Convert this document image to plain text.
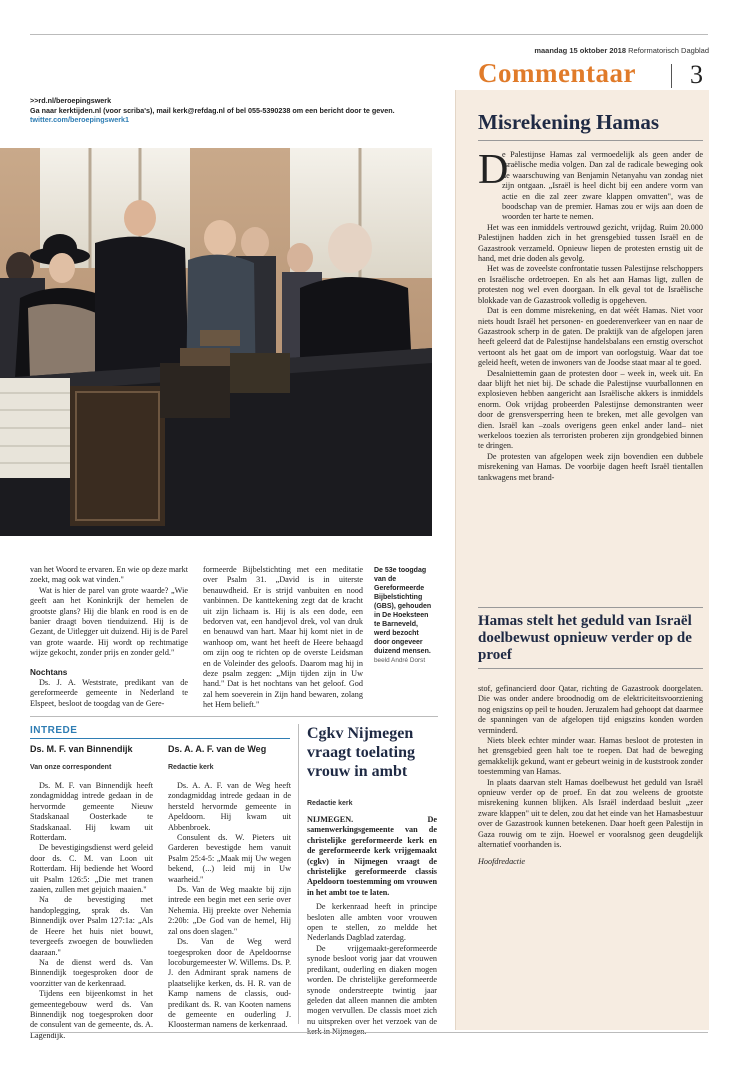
maandag 15 oktober 2018 Reformatorisch Dagblad
Commentaar 3
>>rd.nl/beroepingswerk
Ga naar kerktijden.nl (voor scriba's), mail kerk@refdag.nl of bel 055-5390238 om een bericht door te geven.
twitter.com/beroepingswerk1

van het Woord te ervaren. En wie op deze markt zoekt, mag ook wat vinden."

Wat is hier de parel van grote waarde? „Wie geeft aan het Koninkrijk der hemelen de grootste glans? Hij die blank en rood is en de banier draagt boven tienduizend. Hij is de Gezant, de Uitlegger uit duizend. Hij is de Parel van grote waarde. Hij wordt op rechtmatige wijze gekocht, zonder prijs en zonder geld."

Nochtans

Ds. J. A. Weststrate, predikant van de gereformeerde gemeente in Nederland te Elspeet, besloot de toogdag van de Gere-

formeerde Bijbelstichting met een meditatie over Psalm 31. „David is in uiterste benauwdheid. Er is strijd vanbuiten en nood vanbinnen. De kanttekening zegt dat de kracht uit zijn lichaam is. Hij is als een dode, een bedorven vat, een handjevol drek, vol van druk en benauwd van hart. Maar hij komt niet in de wanhoop om, want het heeft de Heere behaagd om zijn oog te richten op de overste Leidsman en de Voleinder des geloofs. Daarom mag hij in deze psalm zeggen: „Mijn tijden zijn in Uw hand." Dat is het nochtans van het geloof. God zal hem soeverein in Zijn hand bewaren, zolang het Hem belieft."

De 53e toogdag van de Gereformeerde Bijbelstichting (GBS), gehouden in De Hoeksteen te Barneveld, werd bezocht door ongeveer duizend mensen. beeld André Dorst
INTREDE
Ds. M. F. van Binnendijk
Van onze correspondent

Ds. M. F. van Binnendijk heeft zondagmiddag intrede gedaan in de hervormde gemeente Nieuw Stadskanaal Oosterkade te Stadskanaal. Hij kwam uit Rotterdam.

De bevestigingsdienst werd geleid door ds. C. M. van Loon uit Rotterdam. Hij bediende het Woord uit Psalm 126:5: „Die met tranen zaaien, zullen met gejuich maaien."

Na de bevestiging met handoplegging, sprak ds. Van Binnendijk over Psalm 127:1a: „Als de Heere het huis niet bouwt, tevergeefs zwoegen de bouwlieden daaraan."

Na de dienst werd ds. Van Binnendijk toegesproken door de voorzitter van de kerkenraad.

Tijdens een bijeenkomst in het gemeentegebouw werd ds. Van Binnendijk nog toegesproken door de consulent van de gemeente, ds. A. Lagendijk.

Ds. A. A. F. van de Weg
Redactie kerk

Ds. A. A. F. van de Weg heeft zondagmiddag intrede gedaan in de hersteld hervormde gemeente in Apeldoorn. Hij kwam uit Abbenbroek.

Consulent ds. W. Pieters uit Garderen bevestigde hem vanuit Psalm 25:4-5: „Maak mij Uw wegen bekend, (...) leid mij in Uw waarheid."

Ds. Van de Weg maakte bij zijn intrede een begin met een serie over Nehemia. Hij preekte over Nehemia 2:20b: „De God van de hemel, Hij zal ons doen slagen."

Ds. Van de Weg werd toegesproken door de Apeldoornse locoburgemeester W. Willems. Ds. P. J. den Admirant sprak namens de plaatselijke kerken, ds. H. R. van de Kamp namens de classis, oud-predikant ds. R. van Kooten namens de gemeente en ouderling J. Kloosterman namens de kerkenraad.

Cgkv Nijmegen vraagt toelating vrouw in ambt
Redactie kerk

NIJMEGEN. De samenwerkingsgemeente van de christelijke gereformeerde kerk en de gereformeerde kerk vrijgemaakt (cgkv) in Nijmegen vraagt de christelijke gereformeerde classis Apeldoorn toestemming om vrouwen in het ambt toe te laten.

De kerkenraad heeft in principe besloten alle ambten voor vrouwen open te stellen, zo meldde het Nederlands Dagblad zaterdag.

De vrijgemaakt-gereformeerde synode besloot vorig jaar dat vrouwen predikant, ouderling en diaken mogen worden. De christelijke gereformeerde synode onderstreepte twintig jaar geleden dat alleen mannen die ambten mogen vervullen. De classis moet zich nu uitspreken over het verzoek van de kerk in Nijmegen.

Misrekening Hamas
D

e Palestijnse Hamas zal vermoedelijk als geen ander de Israëlische media volgen. Dan zal de radicale beweging ook de waarschuwing van Benjamin Netanyahu van zondag niet zijn ontgaan. „Israël is heel dicht bij een andere vorm van actie en die zal zeer zware klappen omvatten", was de boodschap van de premier. Hamas zou er wijs aan doen de woorden ter harte te nemen.

Het was een inmiddels vertrouwd gezicht, vrijdag. Ruim 20.000 Palestijnen hadden zich in het grensgebied tussen Israël en de Gazastrook verzameld. Opnieuw liepen de protesten ernstig uit de hand, met drie doden als gevolg.

Het was de zoveelste confrontatie tussen Palestijnse relschoppers en Israëlische ordetroepen. En als het aan Hamas ligt, zullen de protesten nog wel even doorgaan. In elk geval tot de Israëlische blokkade van de Gazastrook volledig is opgeheven.

Dat is een domme misrekening, en dat wéét Hamas. Niet voor niets houdt Israël het personen- en goederenverkeer van en naar de Gazastrook scherp in de gaten. De praktijk van de afgelopen jaren heeft geleerd dat de Palestijnse handelsbalans een ernstig overschot vertoont als het gaat om de import van oorlogstuig. Waar dat toe geleid heeft, weten de inwoners van de Joodse staat maar al te goed.

Desalniettemin gaan de protesten door – week in, week uit. En daar blijft het niet bij. De schade die Palestijnse vuurballonnen en explosieven hebben aangericht aan Israëlische akkers is inmiddels enorm. Ook vrijdag probeerden Palestijnse demonstranten weer door de grensversperring heen te breken, met alle gevolgen van dien. Israël kan –zoals overigens geen enkel ander land– niet werkeloos toezien als terroristen proberen zijn grondgebied binnen te dringen.

De protesten van afgelopen week zijn bovendien een dubbele misrekening van Hamas. De voorbije dagen heeft Israël tientallen tankwagens met brand-

Hamas stelt het geduld van Israël doelbewust opnieuw verder op de proef

stof, gefinancierd door Qatar, richting de Gazastrook doorgelaten. Die was onder andere broodnodig om de elektriciteitsvoorziening nog enigszins op peil te houden. Jeruzalem had gehoopt dat daarmee de spanningen van de afgelopen tijd enigszins konden worden verminderd.

Niets bleek echter minder waar. Hamas besloot de protesten in het grensgebied geen halt toe te roepen. Dat had de beweging gemakkelijk gekund, want er gebeurt weinig in de kuststrook zonder toestemming van Hamas.

In plaats daarvan stelt Hamas doelbewust het geduld van Israël opnieuw verder op de proef. En dat zou weleens de grootste misrekening kunnen blijken. Als Israël inderdaad besluit „zeer zware klappen" uit te delen, zou dat het einde van het Hamasbestuur over de Gazastrook kunnen betekenen. Daar hoeft geen Palestijn in Gaza rouwig om te zijn. Hoewel er vooralsnog geen deugdelijk alternatief voorhanden is.

Hoofdredactie
